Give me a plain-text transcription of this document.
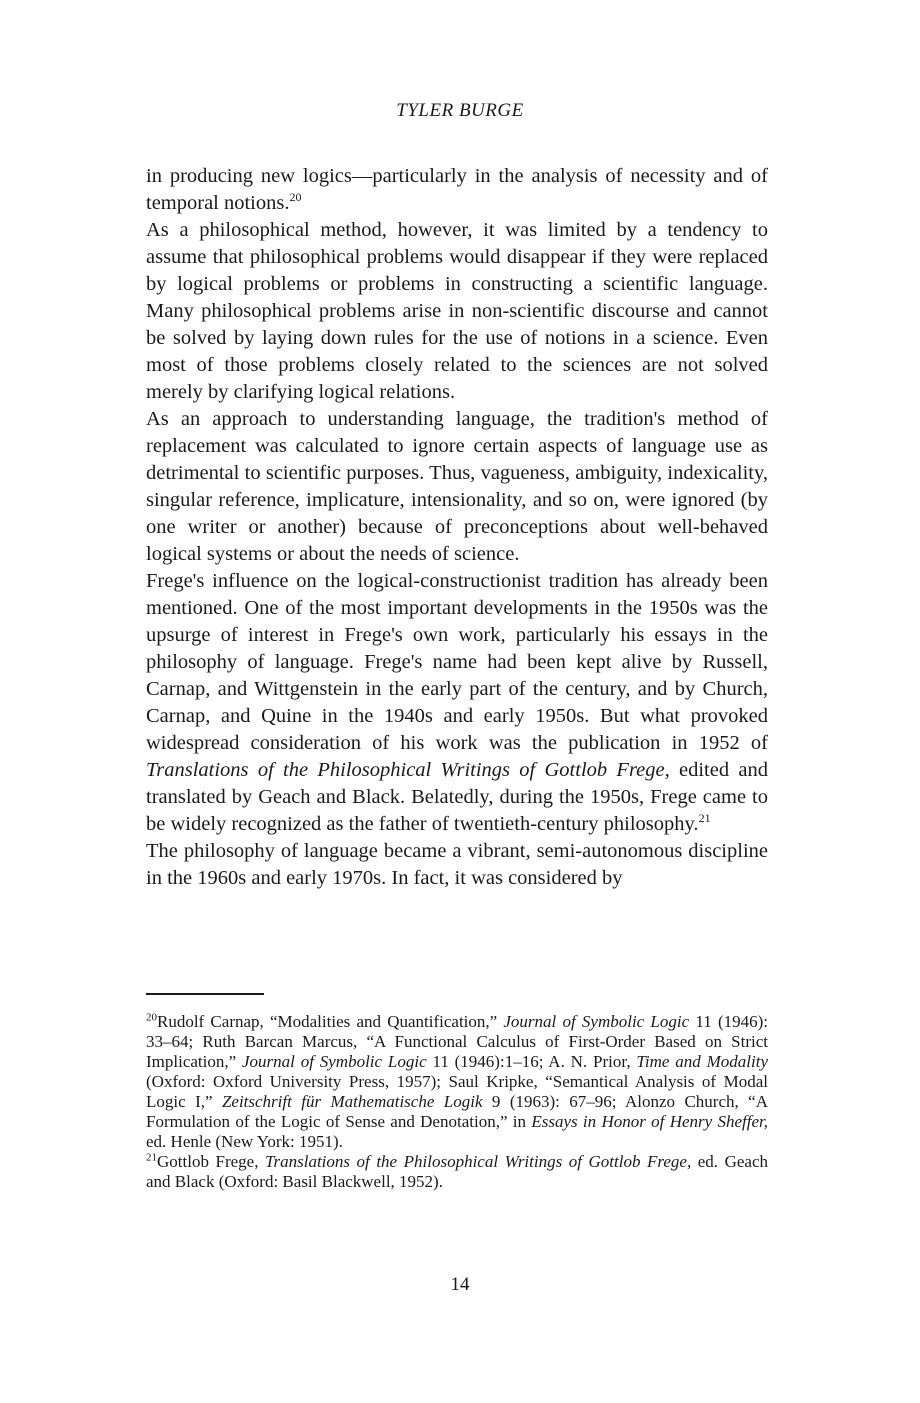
TYLER BURGE

in producing new logics—particularly in the analysis of necessity and of temporal notions.$^{20}$

As a philosophical method, however, it was limited by a tendency to assume that philosophical problems would disappear if they were replaced by logical problems or problems in constructing a scientific language. Many philosophical problems arise in non-scientific discourse and cannot be solved by laying down rules for the use of notions in a science. Even most of those problems closely related to the sciences are not solved merely by clarifying logical relations.

As an approach to understanding language, the tradition's method of replacement was calculated to ignore certain aspects of language use as detrimental to scientific purposes. Thus, vagueness, ambiguity, indexicality, singular reference, implicature, intensionality, and so on, were ignored (by one writer or another) because of preconceptions about well-behaved logical systems or about the needs of science.

Frege's influence on the logical-constructionist tradition has already been mentioned. One of the most important developments in the 1950s was the upsurge of interest in Frege's own work, particularly his essays in the philosophy of language. Frege's name had been kept alive by Russell, Carnap, and Wittgenstein in the early part of the century, and by Church, Carnap, and Quine in the 1940s and early 1950s. But what provoked widespread consideration of his work was the publication in 1952 of Translations of the Philosophical Writings of Gottlob Frege, edited and translated by Geach and Black. Belatedly, during the 1950s, Frege came to be widely recognized as the father of twentieth-century philosophy.$^{21}$

The philosophy of language became a vibrant, semi-autonomous discipline in the 1960s and early 1970s. In fact, it was considered by

$^{20}$Rudolf Carnap, “Modalities and Quantification,” Journal of Symbolic Logic 11 (1946): 33–64; Ruth Barcan Marcus, “A Functional Calculus of First-Order Based on Strict Implication,” Journal of Symbolic Logic 11 (1946):1–16; A. N. Prior, Time and Modality (Oxford: Oxford University Press, 1957); Saul Kripke, “Semantical Analysis of Modal Logic I,” Zeitschrift für Mathematische Logik 9 (1963): 67–96; Alonzo Church, “A Formulation of the Logic of Sense and Denotation,” in Essays in Honor of Henry Sheffer, ed. Henle (New York: 1951).

$^{21}$Gottlob Frege, Translations of the Philosophical Writings of Gottlob Frege, ed. Geach and Black (Oxford: Basil Blackwell, 1952).

14
